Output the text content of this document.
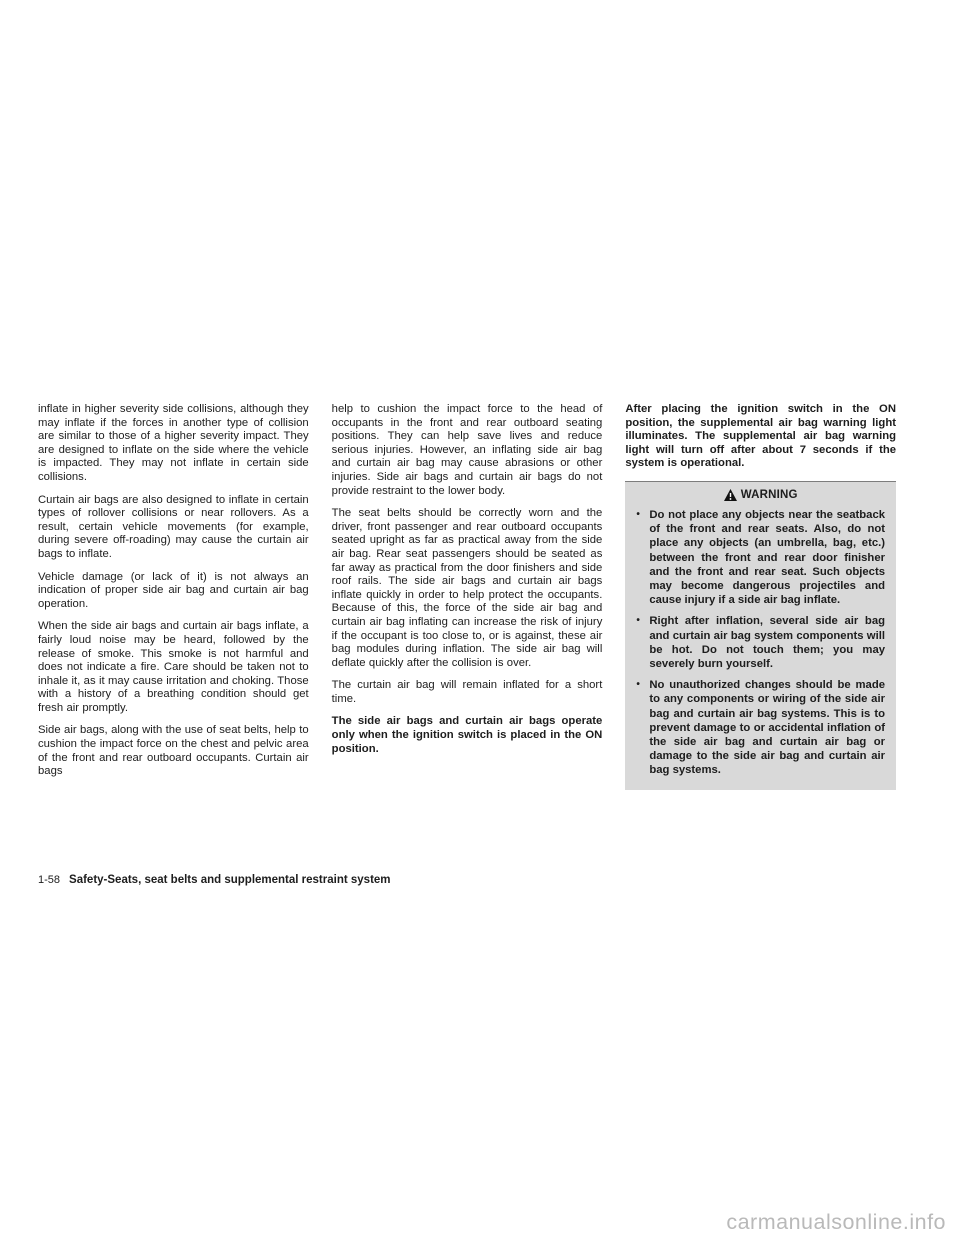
inflate in higher severity side collisions, although they may inflate if the forces in another type of collision are similar to those of a higher severity impact. They are designed to inflate on the side where the vehicle is impacted. They may not inflate in certain side collisions.

Curtain air bags are also designed to inflate in certain types of rollover collisions or near rollovers. As a result, certain vehicle movements (for example, during severe off-roading) may cause the curtain air bags to inflate.

Vehicle damage (or lack of it) is not always an indication of proper side air bag and curtain air bag operation.

When the side air bags and curtain air bags inflate, a fairly loud noise may be heard, followed by the release of smoke. This smoke is not harmful and does not indicate a fire. Care should be taken not to inhale it, as it may cause irritation and choking. Those with a history of a breathing condition should get fresh air promptly.

Side air bags, along with the use of seat belts, help to cushion the impact force on the chest and pelvic area of the front and rear outboard occupants. Curtain air bags

help to cushion the impact force to the head of occupants in the front and rear outboard seating positions. They can help save lives and reduce serious injuries. However, an inflating side air bag and curtain air bag may cause abrasions or other injuries. Side air bags and curtain air bags do not provide restraint to the lower body.

The seat belts should be correctly worn and the driver, front passenger and rear outboard occupants seated upright as far as practical away from the side air bag. Rear seat passengers should be seated as far away as practical from the door finishers and side roof rails. The side air bags and curtain air bags inflate quickly in order to help protect the occupants. Because of this, the force of the side air bag and curtain air bag inflating can increase the risk of injury if the occupant is too close to, or is against, these air bag modules during inflation. The side air bag will deflate quickly after the collision is over.

The curtain air bag will remain inflated for a short time.

The side air bags and curtain air bags operate only when the ignition switch is placed in the ON position.

After placing the ignition switch in the ON position, the supplemental air bag warning light illuminates. The supplemental air bag warning light will turn off after about 7 seconds if the system is operational.

WARNING
• Do not place any objects near the seatback of the front and rear seats. Also, do not place any objects (an umbrella, bag, etc.) between the front and rear door finisher and the front and rear seat. Such objects may become dangerous projectiles and cause injury if a side air bag inflate.
• Right after inflation, several side air bag and curtain air bag system components will be hot. Do not touch them; you may severely burn yourself.
• No unauthorized changes should be made to any components or wiring of the side air bag and curtain air bag systems. This is to prevent damage to or accidental inflation of the side air bag and curtain air bag or damage to the side air bag and curtain air bag systems.
1-58 Safety-Seats, seat belts and supplemental restraint system
carmanualsonline.info
